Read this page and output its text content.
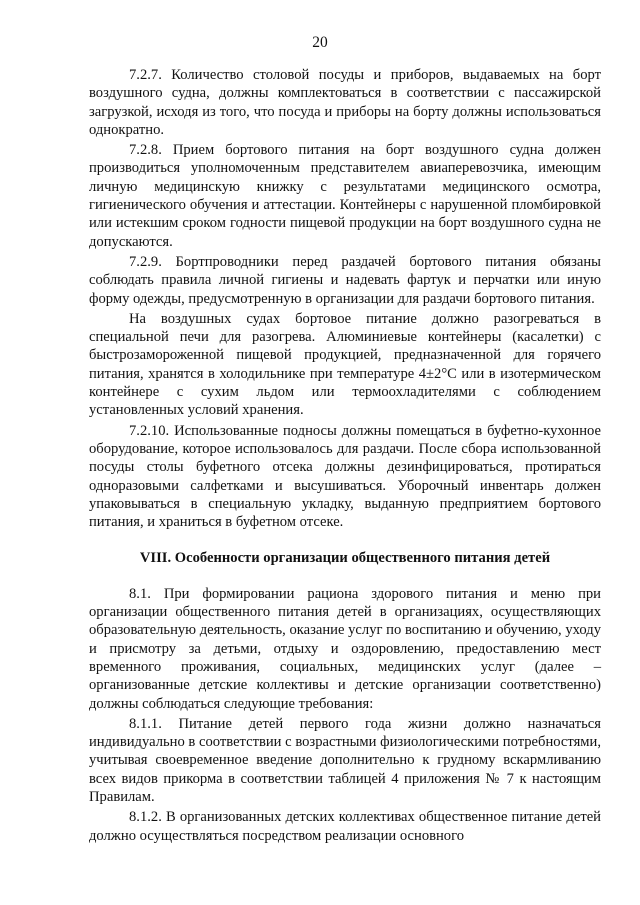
20

7.2.7. Количество столовой посуды и приборов, выдаваемых на борт воздушного судна, должны комплектоваться в соответствии с пассажирской загрузкой, исходя из того, что посуда и приборы на борту должны использоваться однократно.

7.2.8. Прием бортового питания на борт воздушного судна должен производиться уполномоченным представителем авиаперевозчика, имеющим личную медицинскую книжку с результатами медицинского осмотра, гигиенического обучения и аттестации. Контейнеры с нарушенной пломбировкой или истекшим сроком годности пищевой продукции на борт воздушного судна не допускаются.

7.2.9. Бортпроводники перед раздачей бортового питания обязаны соблюдать правила личной гигиены и надевать фартук и перчатки или иную форму одежды, предусмотренную в организации для раздачи бортового питания.

На воздушных судах бортовое питание должно разогреваться в специальной печи для разогрева. Алюминиевые контейнеры (касалетки) с быстрозамороженной пищевой продукцией, предназначенной для горячего питания, хранятся в холодильнике при температуре 4±2°С или в изотермическом контейнере с сухим льдом или термоохладителями с соблюдением установленных условий хранения.

7.2.10. Использованные подносы должны помещаться в буфетно-кухонное оборудование, которое использовалось для раздачи. После сбора использованной посуды столы буфетного отсека должны дезинфицироваться, протираться одноразовыми салфетками и высушиваться. Уборочный инвентарь должен упаковываться в специальную укладку, выданную предприятием бортового питания, и храниться в буфетном отсеке.

VIII. Особенности организации общественного питания детей

8.1. При формировании рациона здорового питания и меню при организации общественного питания детей в организациях, осуществляющих образовательную деятельность, оказание услуг по воспитанию и обучению, уходу и присмотру за детьми, отдыху и оздоровлению, предоставлению мест временного проживания, социальных, медицинских услуг (далее – организованные детские коллективы и детские организации соответственно) должны соблюдаться следующие требования:

8.1.1. Питание детей первого года жизни должно назначаться индивидуально в соответствии с возрастными физиологическими потребностями, учитывая своевременное введение дополнительно к грудному вскармливанию всех видов прикорма в соответствии таблицей 4 приложения № 7 к настоящим Правилам.

8.1.2. В организованных детских коллективах общественное питание детей должно осуществляться посредством реализации основного
